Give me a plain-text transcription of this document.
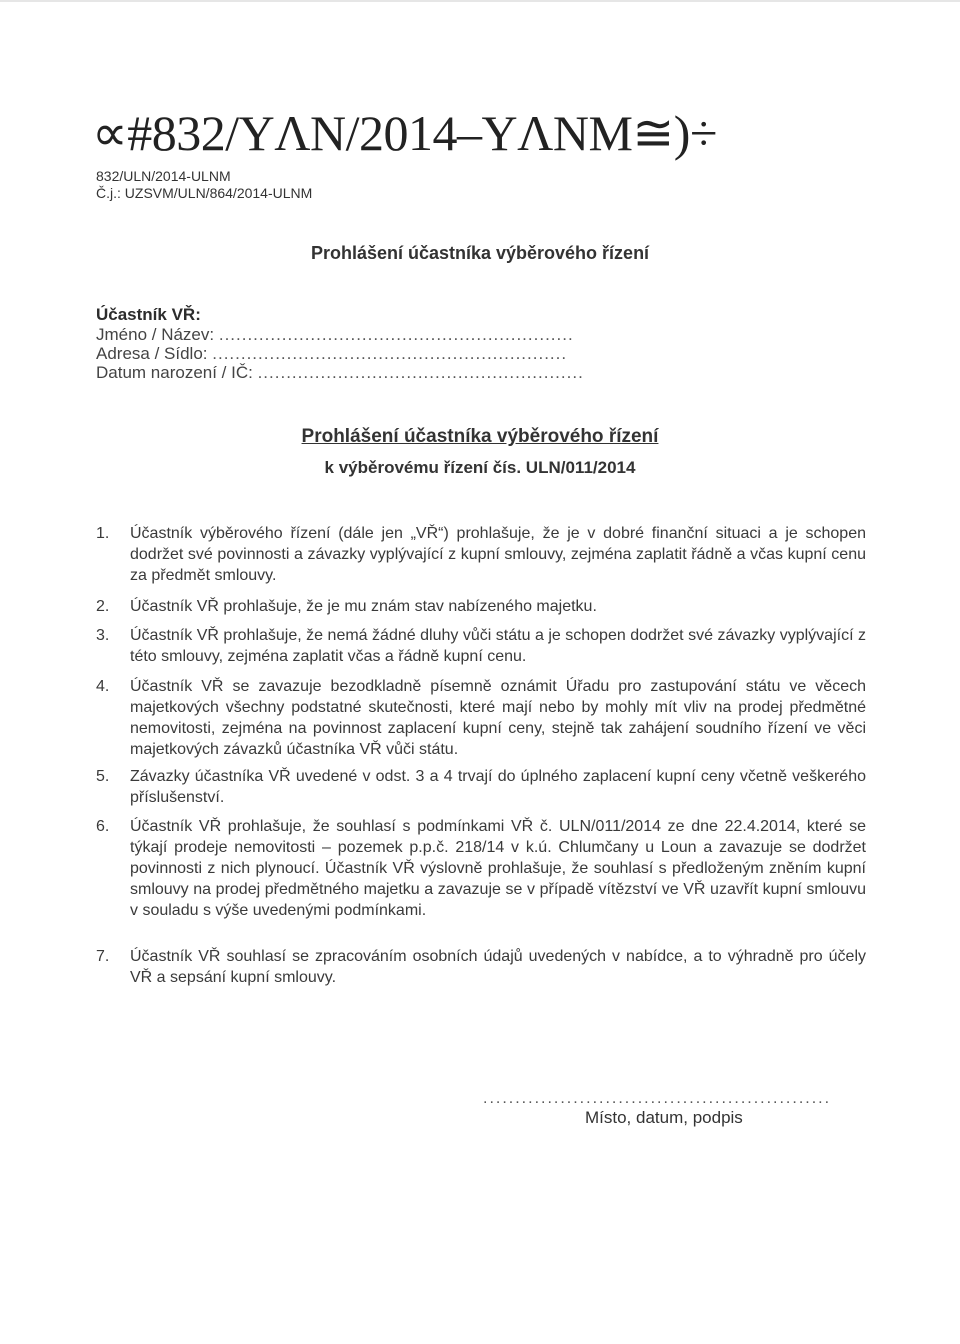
∝#832/YΛN/2014–YΛNM≅)÷
832/ULN/2014-ULNM
Č.j.: UZSVM/ULN/864/2014-ULNM
Prohlášení účastníka výběrového řízení
Účastník VŘ:
Jméno / Název: ..............................................................
Adresa / Sídlo: ..............................................................
Datum narození / IČ: .........................................................
Prohlášení účastníka výběrového řízení
k výběrovému řízení čís. ULN/011/2014
1. Účastník výběrového řízení (dále jen „VŘ“) prohlašuje, že je v dobré finanční situaci a je schopen dodržet své povinnosti a závazky vyplývající z kupní smlouvy, zejména zaplatit řádně a včas kupní cenu za předmět smlouvy.
2. Účastník VŘ prohlašuje, že je mu znám stav nabízeného majetku.
3. Účastník VŘ prohlašuje, že nemá žádné dluhy vůči státu a je schopen dodržet své závazky vyplývající z této smlouvy, zejména zaplatit včas a řádně kupní cenu.
4. Účastník VŘ se zavazuje bezodkladně písemně oznámit Úřadu pro zastupování státu ve věcech majetkových všechny podstatné skutečnosti, které mají nebo by mohly mít vliv na prodej předmětné nemovitosti, zejména na povinnost zaplacení kupní ceny, stejně tak zahájení soudního řízení ve věci majetkových závazků účastníka VŘ vůči státu.
5. Závazky účastníka VŘ uvedené v odst. 3 a 4 trvají do úplného zaplacení kupní ceny včetně veškerého příslušenství.
6. Účastník VŘ prohlašuje, že souhlasí s podmínkami VŘ č. ULN/011/2014 ze dne 22.4.2014, které se týkají prodeje nemovitosti – pozemek p.p.č. 218/14 v k.ú. Chlumčany u Loun a zavazuje se dodržet povinnosti z nich plynoucí. Účastník VŘ výslovně prohlašuje, že souhlasí s předloženým zněním kupní smlouvy na prodej předmětného majetku a zavazuje se v případě vítězství ve VŘ uzavřít kupní smlouvu v souladu s výše uvedenými podmínkami.
7. Účastník VŘ souhlasí se zpracováním osobních údajů uvedených v nabídce, a to výhradně pro účely VŘ a sepsání kupní smlouvy.
......................................................
Místo, datum, podpis
